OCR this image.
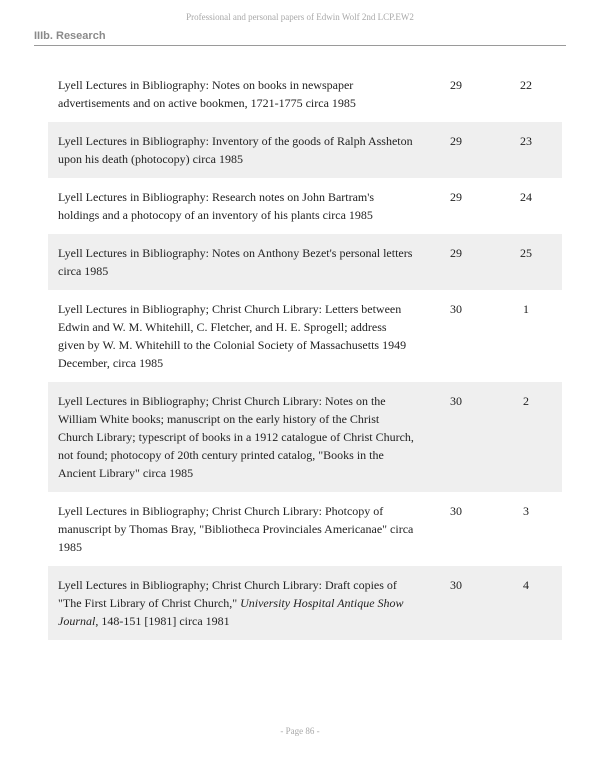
Professional and personal papers of Edwin Wolf 2nd LCP.EW2
IIIb. Research
Lyell Lectures in Bibliography: Notes on books in newspaper advertisements and on active bookmen, 1721-1775 circa 1985
29	22
Lyell Lectures in Bibliography: Inventory of the goods of Ralph Assheton upon his death (photocopy) circa 1985
29	23
Lyell Lectures in Bibliography: Research notes on John Bartram's holdings and a photocopy of an inventory of his plants circa 1985
29	24
Lyell Lectures in Bibliography: Notes on Anthony Bezet's personal letters circa 1985
29	25
Lyell Lectures in Bibliography; Christ Church Library: Letters between Edwin and W. M. Whitehill, C. Fletcher, and H. E. Sprogell; address given by W. M. Whitehill to the Colonial Society of Massachusetts 1949 December, circa 1985
30	1
Lyell Lectures in Bibliography; Christ Church Library: Notes on the William White books; manuscript on the early history of the Christ Church Library; typescript of books in a 1912 catalogue of Christ Church, not found; photocopy of 20th century printed catalog, "Books in the Ancient Library" circa 1985
30	2
Lyell Lectures in Bibliography; Christ Church Library: Photcopy of manuscript by Thomas Bray, "Bibliotheca Provinciales Americanae" circa 1985
30	3
Lyell Lectures in Bibliography; Christ Church Library: Draft copies of "The First Library of Christ Church," University Hospital Antique Show Journal, 148-151 [1981] circa 1981
30	4
- Page 86 -
